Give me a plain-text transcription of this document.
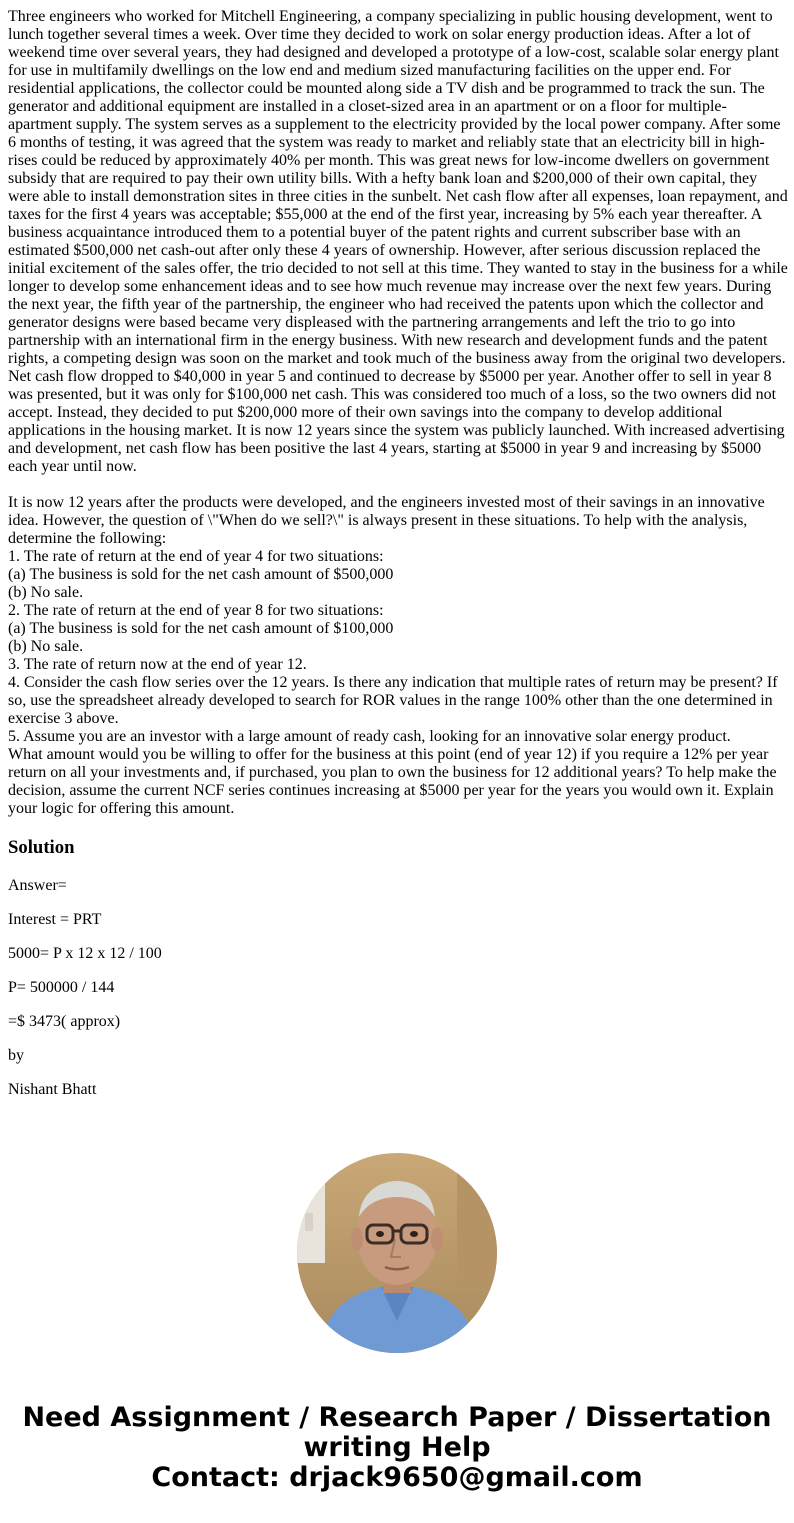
Three engineers who worked for Mitchell Engineering, a company specializing in public housing development, went to lunch together several times a week. Over time they decided to work on solar energy production ideas. After a lot of weekend time over several years, they had designed and developed a prototype of a low-cost, scalable solar energy plant for use in multifamily dwellings on the low end and medium sized manufacturing facilities on the upper end. For residential applications, the collector could be mounted along side a TV dish and be programmed to track the sun. The generator and additional equipment are installed in a closet-sized area in an apartment or on a floor for multiple-apartment supply. The system serves as a supplement to the electricity provided by the local power company. After some 6 months of testing, it was agreed that the system was ready to market and reliably state that an electricity bill in high-rises could be reduced by approximately 40% per month. This was great news for low-income dwellers on government subsidy that are required to pay their own utility bills. With a hefty bank loan and $200,000 of their own capital, they were able to install demonstration sites in three cities in the sunbelt. Net cash flow after all expenses, loan repayment, and taxes for the first 4 years was acceptable; $55,000 at the end of the first year, increasing by 5% each year thereafter. A business acquaintance introduced them to a potential buyer of the patent rights and current subscriber base with an estimated $500,000 net cash-out after only these 4 years of ownership. However, after serious discussion replaced the initial excitement of the sales offer, the trio decided to not sell at this time. They wanted to stay in the business for a while longer to develop some enhancement ideas and to see how much revenue may increase over the next few years. During the next year, the fifth year of the partnership, the engineer who had received the patents upon which the collector and generator designs were based became very displeased with the partnering arrangements and left the trio to go into partnership with an international firm in the energy business. With new research and development funds and the patent rights, a competing design was soon on the market and took much of the business away from the original two developers. Net cash flow dropped to $40,000 in year 5 and continued to decrease by $5000 per year. Another offer to sell in year 8 was presented, but it was only for $100,000 net cash. This was considered too much of a loss, so the two owners did not accept. Instead, they decided to put $200,000 more of their own savings into the company to develop additional applications in the housing market. It is now 12 years since the system was publicly launched. With increased advertising and development, net cash flow has been positive the last 4 years, starting at $5000 in year 9 and increasing by $5000 each year until now.

It is now 12 years after the products were developed, and the engineers invested most of their savings in an innovative idea. However, the question of \"When do we sell?\" is always present in these situations. To help with the analysis, determine the following:

1. The rate of return at the end of year 4 for two situations:

(a) The business is sold for the net cash amount of $500,000

(b) No sale.

2. The rate of return at the end of year 8 for two situations:

(a) The business is sold for the net cash amount of $100,000

(b) No sale.

3. The rate of return now at the end of year 12.

4. Consider the cash flow series over the 12 years. Is there any indication that multiple rates of return may be present? If so, use the spreadsheet already developed to search for ROR values in the range 100% other than the one determined in exercise 3 above.

5. Assume you are an investor with a large amount of ready cash, looking for an innovative solar energy product.

What amount would you be willing to offer for the business at this point (end of year 12) if you require a 12% per year return on all your investments and, if purchased, you plan to own the business for 12 additional years? To help make the decision, assume the current NCF series continues increasing at $5000 per year for the years you would own it. Explain your logic for offering this amount.

Solution
Answer=
Interest = PRT
5000= P x 12 x 12 / 100
P= 500000 / 144
=$ 3473( approx)
by
Nishant Bhatt
Need Assignment / Research Paper / Dissertation
writing Help
Contact: drjack9650@gmail.com
